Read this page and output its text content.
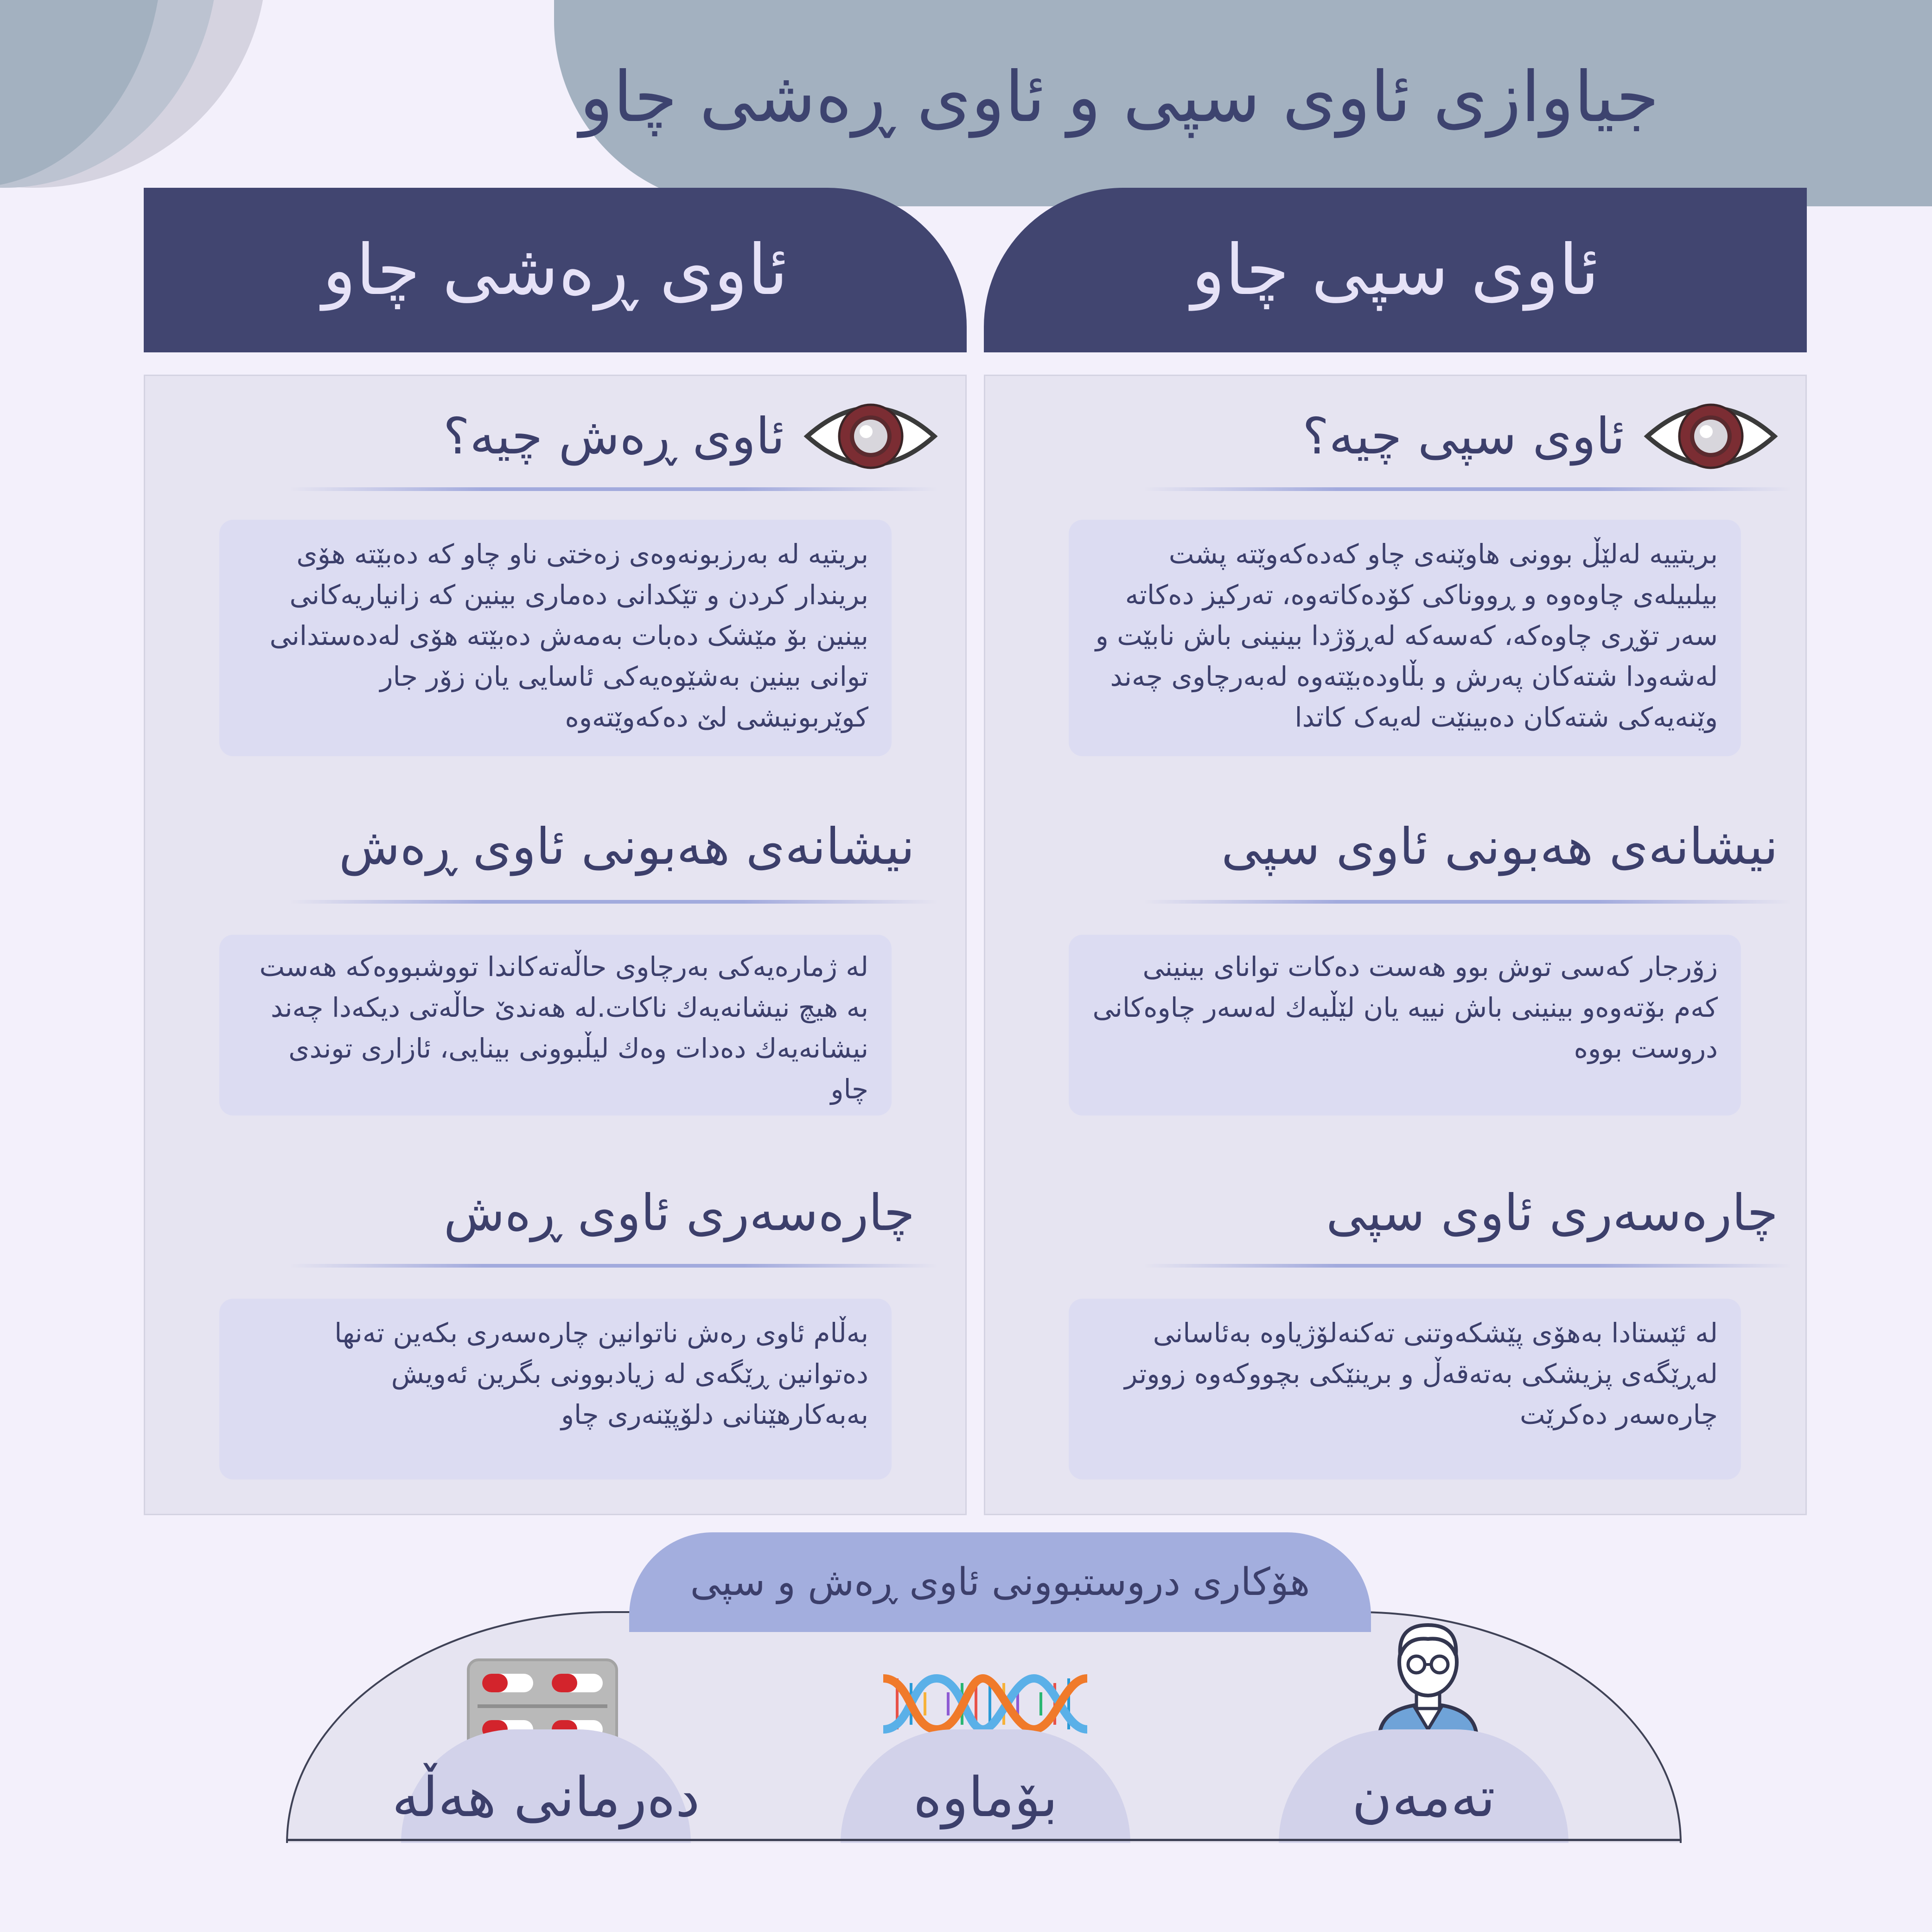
جیاوازی ئاوی سپی و ئاوی ڕەشی چاو
ئاوی سپی چاو
ئاوی ڕەشی چاو
ئاوی سپی چیە؟
بریتییە لەلێڵ بوونی هاوێنەی چاو کەدەکەوێتە پشت بیلبیلەی چاوەوە و ڕووناکی کۆدەکاتەوە، تەرکیز دەکاتە سەر تۆڕی چاوەکە، کەسەکە لەڕۆژدا بینینی باش نابێت و لەشەودا شتەکان پەرش و بڵاودەبێتەوە لەبەرچاوی چەند وێنەیەکی شتەکان دەبینێت لەیەک کاتدا
نیشانەی هەبونی ئاوی سپی
زۆرجار کەسی توش بوو هەست دەکات توانای بینینی کەم بۆتەوەو بینینی باش نییە یان لێڵیەك لەسەر چاوەکانی دروست بووە
چارەسەری ئاوی سپی
لە ئێستادا بەهۆی پێشکەوتنی تەکنەلۆژیاوە بەئاسانی لەڕێگەی پزیشکی بەتەقەڵ و برینێکی بچووکەوە زووتر چارەسەر دەکرێت
ئاوی ڕەش چیە؟
بریتیە لە بەرزبونەوەی زەختی ناو چاو کە دەبێتە هۆی بریندار کردن و تێکدانی دەماری بینین کە زانیاریەکانی بینین بۆ مێشک دەبات بەمەش دەبێتە هۆی لەدەستدانی توانی بینین بەشێوەیەکی ئاسایی یان زۆر جار کوێربونیشی لێ دەکەوێتەوە
نیشانەی هەبونی ئاوی ڕەش
لە ژمارەیەکی بەرچاوی حاڵەتەکاندا تووشبووەکە هەست بە هیچ نیشانەیەك ناکات.لە هەندێ حاڵەتی دیکەدا چەند نیشانەیەك دەدات وەك لیڵبوونی بینایی، ئازاری توندی چاو
چارەسەری ئاوی ڕەش
بەڵام ئاوی رەش ناتوانین چارەسەری بکەین تەنها دەتوانین ڕێگەی لە زیادبوونی بگرین ئەویش بەبەکارهێنانی دلۆپێنەری چاو
هۆکاری دروستبوونی ئاوی ڕەش و سپی
تەمەن
بۆماوە
دەرمانی هەڵە
